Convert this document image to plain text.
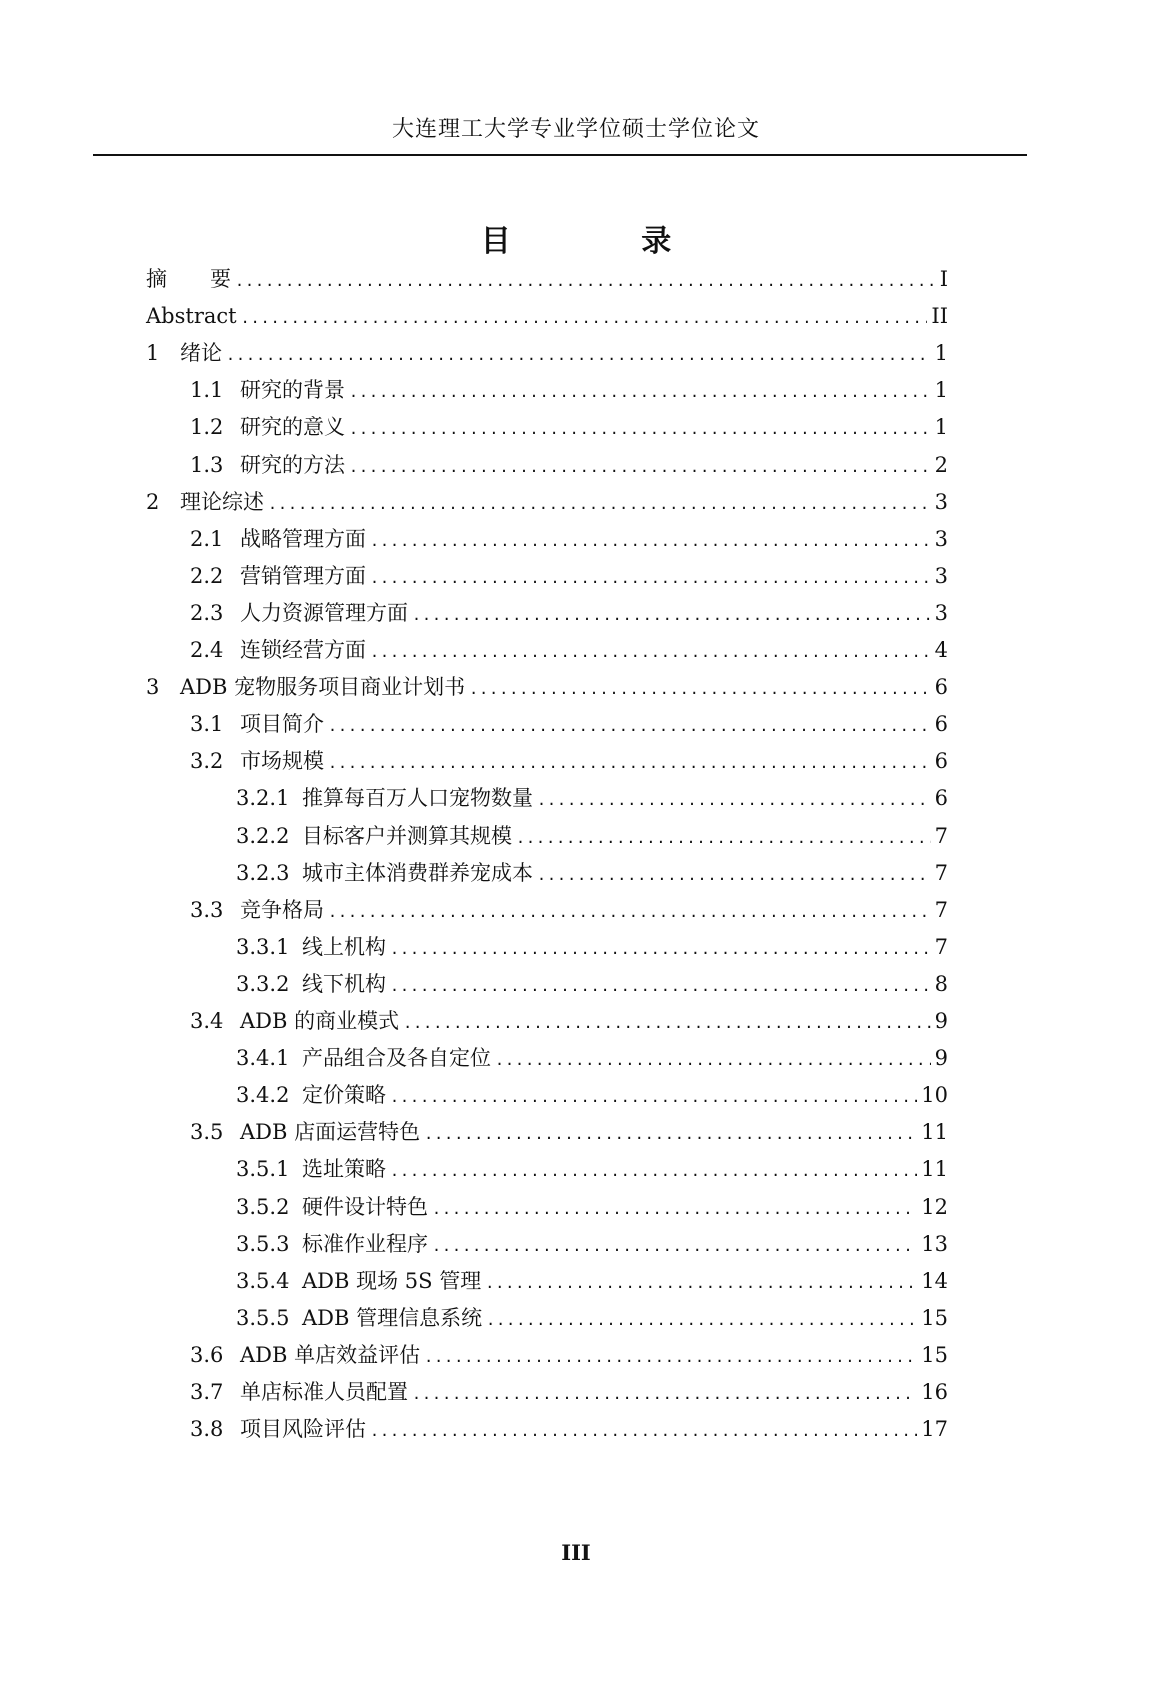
大连理工大学专业学位硕士学位论文
目 录
摘	要 .....	I
Abstract .....	II
1 绪论 .....	1
1.1 研究的背景 .....	1
1.2 研究的意义 .....	1
1.3 研究的方法 .....	2
2 理论综述 .....	3
2.1 战略管理方面 .....	3
2.2 营销管理方面 .....	3
2.3 人力资源管理方面 .....	3
2.4 连锁经营方面 .....	4
3 ADB 宠物服务项目商业计划书 .....	6
3.1 项目简介 .....	6
3.2 市场规模 .....	6
3.2.1 推算每百万人口宠物数量 .....	6
3.2.2 目标客户并测算其规模 .....	7
3.2.3 城市主体消费群养宠成本 .....	7
3.3 竞争格局 .....	7
3.3.1 线上机构 .....	7
3.3.2 线下机构 .....	8
3.4 ADB 的商业模式 .....	9
3.4.1 产品组合及各自定位 .....	9
3.4.2 定价策略 .....	10
3.5 ADB 店面运营特色 .....	11
3.5.1 选址策略 .....	11
3.5.2 硬件设计特色 .....	12
3.5.3 标准作业程序 .....	13
3.5.4 ADB 现场 5S 管理 .....	14
3.5.5 ADB 管理信息系统 .....	15
3.6 ADB 单店效益评估 .....	15
3.7 单店标准人员配置 .....	16
3.8 项目风险评估 .....	17
III
